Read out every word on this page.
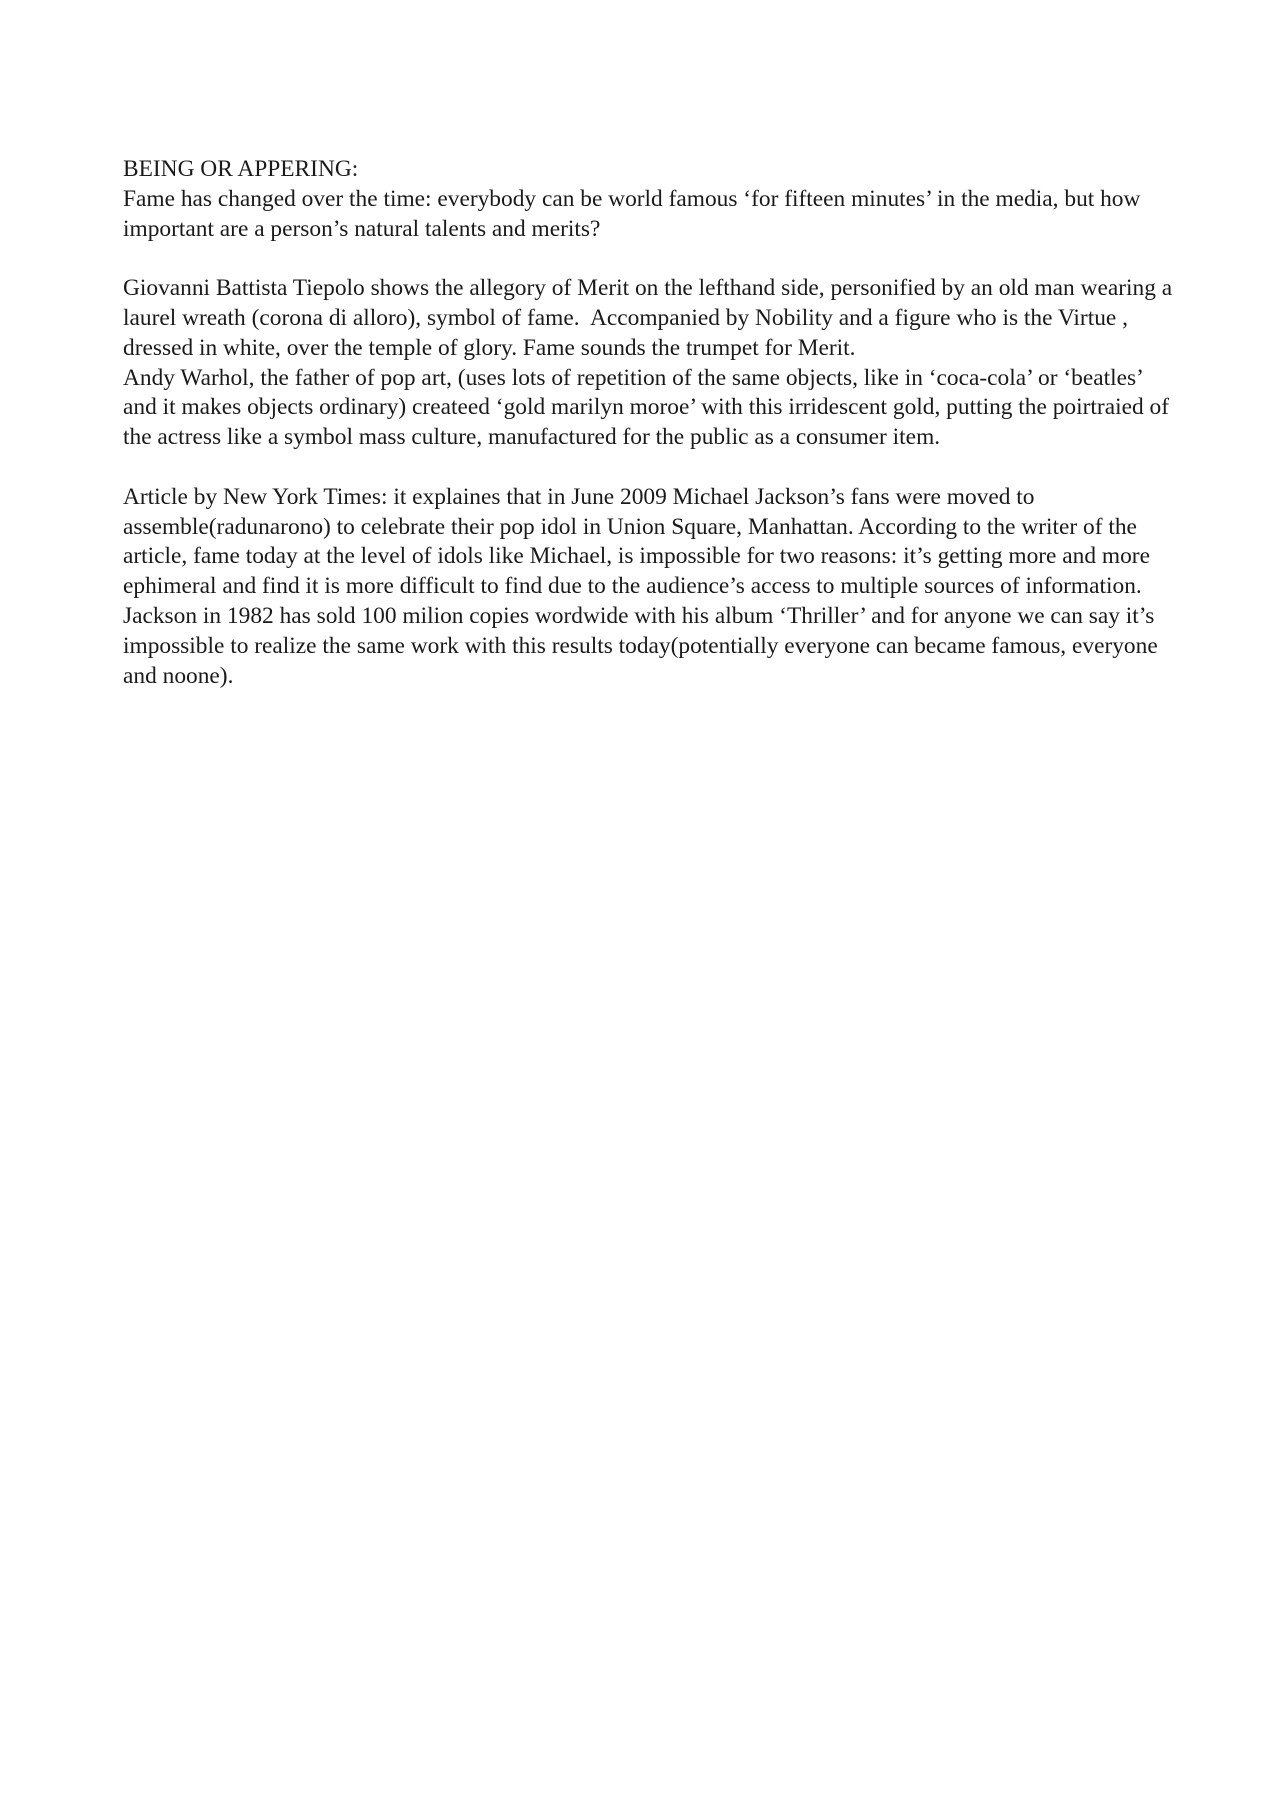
BEING OR APPERING:

Fame has changed over the time: everybody can be world famous ‘for fifteen minutes’ in the media, but how important are a person’s natural talents and merits?

Giovanni Battista Tiepolo shows the allegory of Merit on the lefthand side, personified by an old man wearing a laurel wreath (corona di alloro), symbol of fame.  Accompanied by Nobility and a figure who is the Virtue , dressed in white, over the temple of glory. Fame sounds the trumpet for Merit.

Andy Warhol, the father of pop art, (uses lots of repetition of the same objects, like in ‘coca-cola’ or ‘beatles’ and it makes objects ordinary) createed ‘gold marilyn moroe’ with this irridescent gold, putting the poirtraied of the actress like a symbol mass culture, manufactured for the public as a consumer item.

Article by New York Times: it explaines that in June 2009 Michael Jackson’s fans were moved to assemble(radunarono) to celebrate their pop idol in Union Square, Manhattan. According to the writer of the article, fame today at the level of idols like Michael, is impossible for two reasons: it’s getting more and more ephimeral and find it is more difficult to find due to the audience’s access to multiple sources of information. Jackson in 1982 has sold 100 milion copies wordwide with his album ‘Thriller’ and for anyone we can say it’s impossible to realize the same work with this results today(potentially everyone can became famous, everyone and noone).
